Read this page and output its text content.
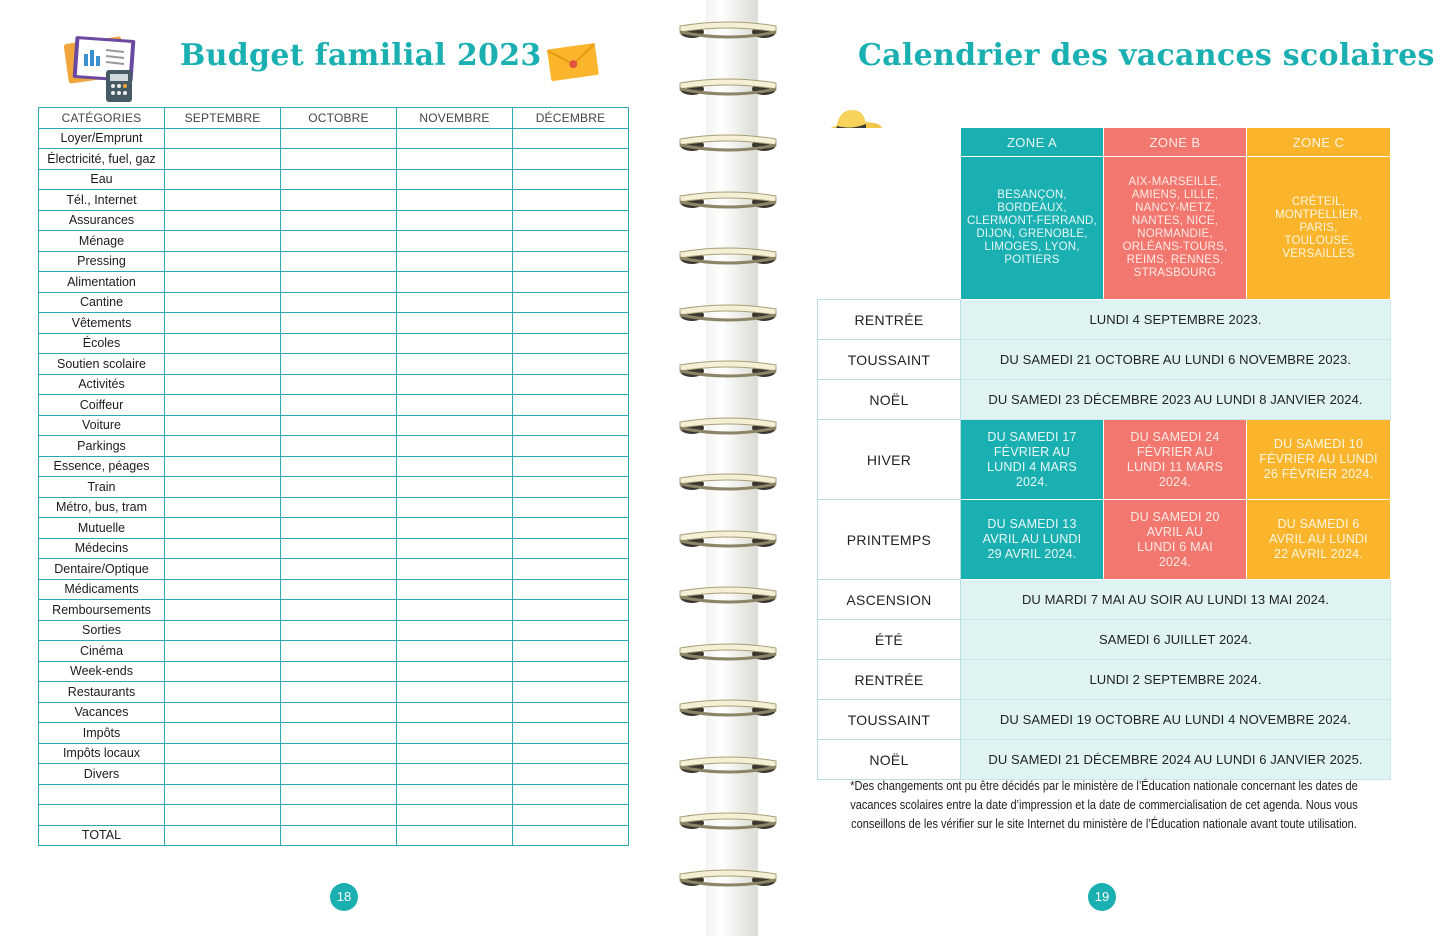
Budget familial 2023
CATÉGORIES	SEPTEMBRE	OCTOBRE	NOVEMBRE	DÉCEMBRE
Loyer/Emprunt				
Électricité, fuel, gaz				
Eau				
Tél., Internet				
Assurances				
Ménage				
Pressing				
Alimentation				
Cantine				
Vêtements				
Écoles				
Soutien scolaire				
Activités				
Coiffeur				
Voiture				
Parkings				
Essence, péages				
Train				
Métro, bus, tram				
Mutuelle				
Médecins				
Dentaire/Optique				
Médicaments				
Remboursements				
Sorties				
Cinéma				
Week-ends				
Restaurants				
Vacances				
Impôts				
Impôts locaux				
Divers				

TOTAL				
18
Calendrier des vacances scolaires
	ZONE A	ZONE B	ZONE C
	BESANÇON, BORDEAUX, CLERMONT-FERRAND, DIJON, GRENOBLE, LIMOGES, LYON, POITIERS	AIX-MARSEILLE, AMIENS, LILLE, NANCY-METZ, NANTES, NICE, NORMANDIE, ORLÉANS-TOURS, REIMS, RENNES, STRASBOURG	CRÉTEIL, MONTPELLIER, PARIS, TOULOUSE, VERSAILLES
RENTRÉE	LUNDI 4 SEPTEMBRE 2023.		
TOUSSAINT	DU SAMEDI 21 OCTOBRE AU LUNDI 6 NOVEMBRE 2023.		
NOËL	DU SAMEDI 23 DÉCEMBRE 2023 AU LUNDI 8 JANVIER 2024.		
HIVER	DU SAMEDI 17 FÉVRIER AU LUNDI 4 MARS 2024.	DU SAMEDI 24 FÉVRIER AU LUNDI 11 MARS 2024.	DU SAMEDI 10 FÉVRIER AU LUNDI 26 FÉVRIER 2024.
PRINTEMPS	DU SAMEDI 13 AVRIL AU LUNDI 29 AVRIL 2024.	DU SAMEDI 20 AVRIL AU LUNDI 6 MAI 2024.	DU SAMEDI 6 AVRIL AU LUNDI 22 AVRIL 2024.
ASCENSION	DU MARDI 7 MAI AU SOIR AU LUNDI 13 MAI 2024.		
ÉTÉ	SAMEDI 6 JUILLET 2024.		
RENTRÉE	LUNDI 2 SEPTEMBRE 2024.		
TOUSSAINT	DU SAMEDI 19 OCTOBRE AU LUNDI 4 NOVEMBRE 2024.		
NOËL	DU SAMEDI 21 DÉCEMBRE 2024 AU LUNDI 6 JANVIER 2025.		
*Des changements ont pu être décidés par le ministère de l’Éducation nationale concernant les dates de vacances scolaires entre la date d’impression et la date de commercialisation de cet agenda. Nous vous conseillons de les vérifier sur le site Internet du ministère de l’Éducation nationale avant toute utilisation.
19
